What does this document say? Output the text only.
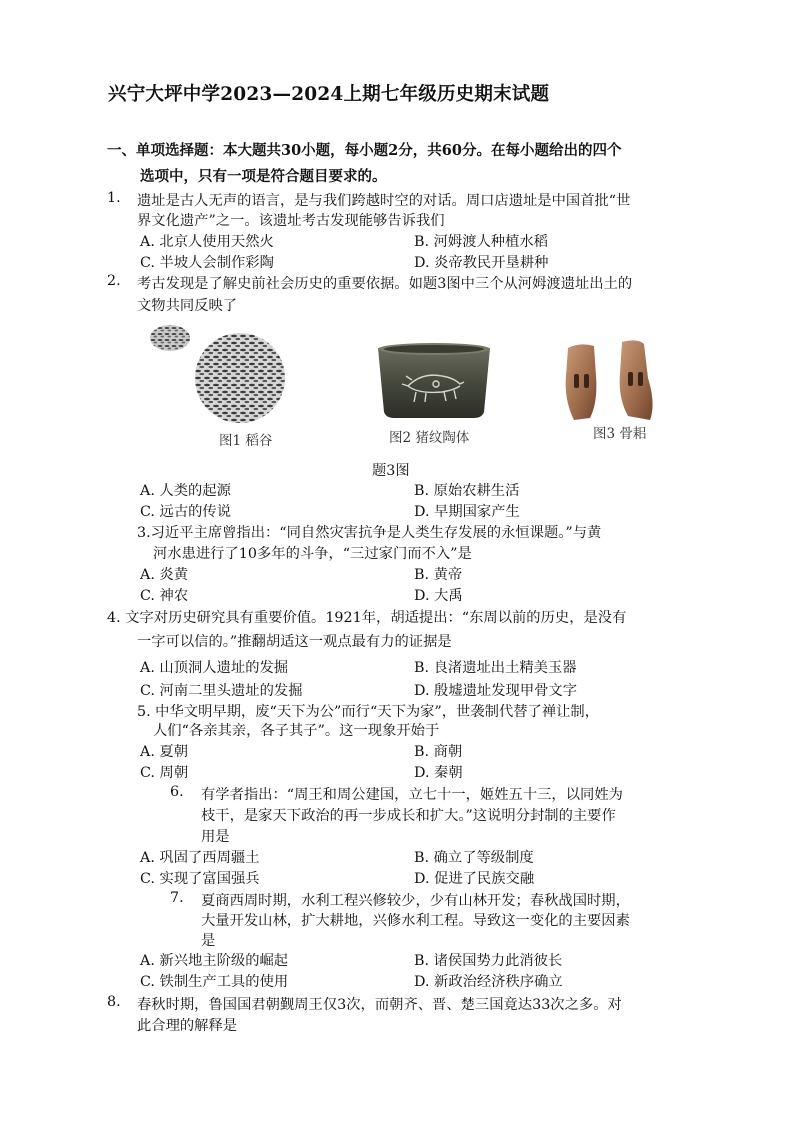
兴宁大坪中学2023—2024上期七年级历史期末试题
一、单项选择题：本大题共30小题，每小题2分，共60分。在每小题给出的四个
选项中，只有一项是符合题目要求的。
1. 遗址是古人无声的语言，是与我们跨越时空的对话。周口店遗址是中国首批“世
界文化遗产”之一。该遗址考古发现能够告诉我们
A. 北京人使用天然火	B. 河姆渡人种植水稻
C. 半坡人会制作彩陶	D. 炎帝教民开垦耕种
2. 考古发现是了解史前社会历史的重要依据。如题3图中三个从河姆渡遗址出土的
文物共同反映了
图1 稻谷	图2 猪纹陶体	图3 骨耜
题3图
A. 人类的起源	B. 原始农耕生活
C. 远古的传说	D. 早期国家产生
3.习近平主席曾指出：“同自然灾害抗争是人类生存发展的永恒课题。”与黄
河水患进行了10多年的斗争，“三过家门而不入”是
A. 炎黄	B. 黄帝
C. 神农	D. 大禹
4. 文字对历史研究具有重要价值。1921年，胡适提出：“东周以前的历史，是没有
一字可以信的。”推翻胡适这一观点最有力的证据是
A. 山顶洞人遗址的发掘	B. 良渚遗址出土精美玉器
C. 河南二里头遗址的发掘	D. 殷墟遗址发现甲骨文字
5. 中华文明早期，废“天下为公”而行“天下为家”，世袭制代替了禅让制，
人们“各亲其亲，各子其子”。这一现象开始于
A. 夏朝	B. 商朝
C. 周朝	D. 秦朝
6. 有学者指出：“周王和周公建国，立七十一，姬姓五十三，以同姓为
枝干，是家天下政治的再一步成长和扩大。”这说明分封制的主要作
用是
A. 巩固了西周疆土	B. 确立了等级制度
C. 实现了富国强兵	D. 促进了民族交融
7. 夏商西周时期，水利工程兴修较少，少有山林开发；春秋战国时期，
大量开发山林，扩大耕地，兴修水利工程。导致这一变化的主要因素
是
A. 新兴地主阶级的崛起	B. 诸侯国势力此消彼长
C. 铁制生产工具的使用	D. 新政治经济秩序确立
8. 春秋时期，鲁国国君朝觐周王仅3次，而朝齐、晋、楚三国竟达33次之多。对
此合理的解释是
